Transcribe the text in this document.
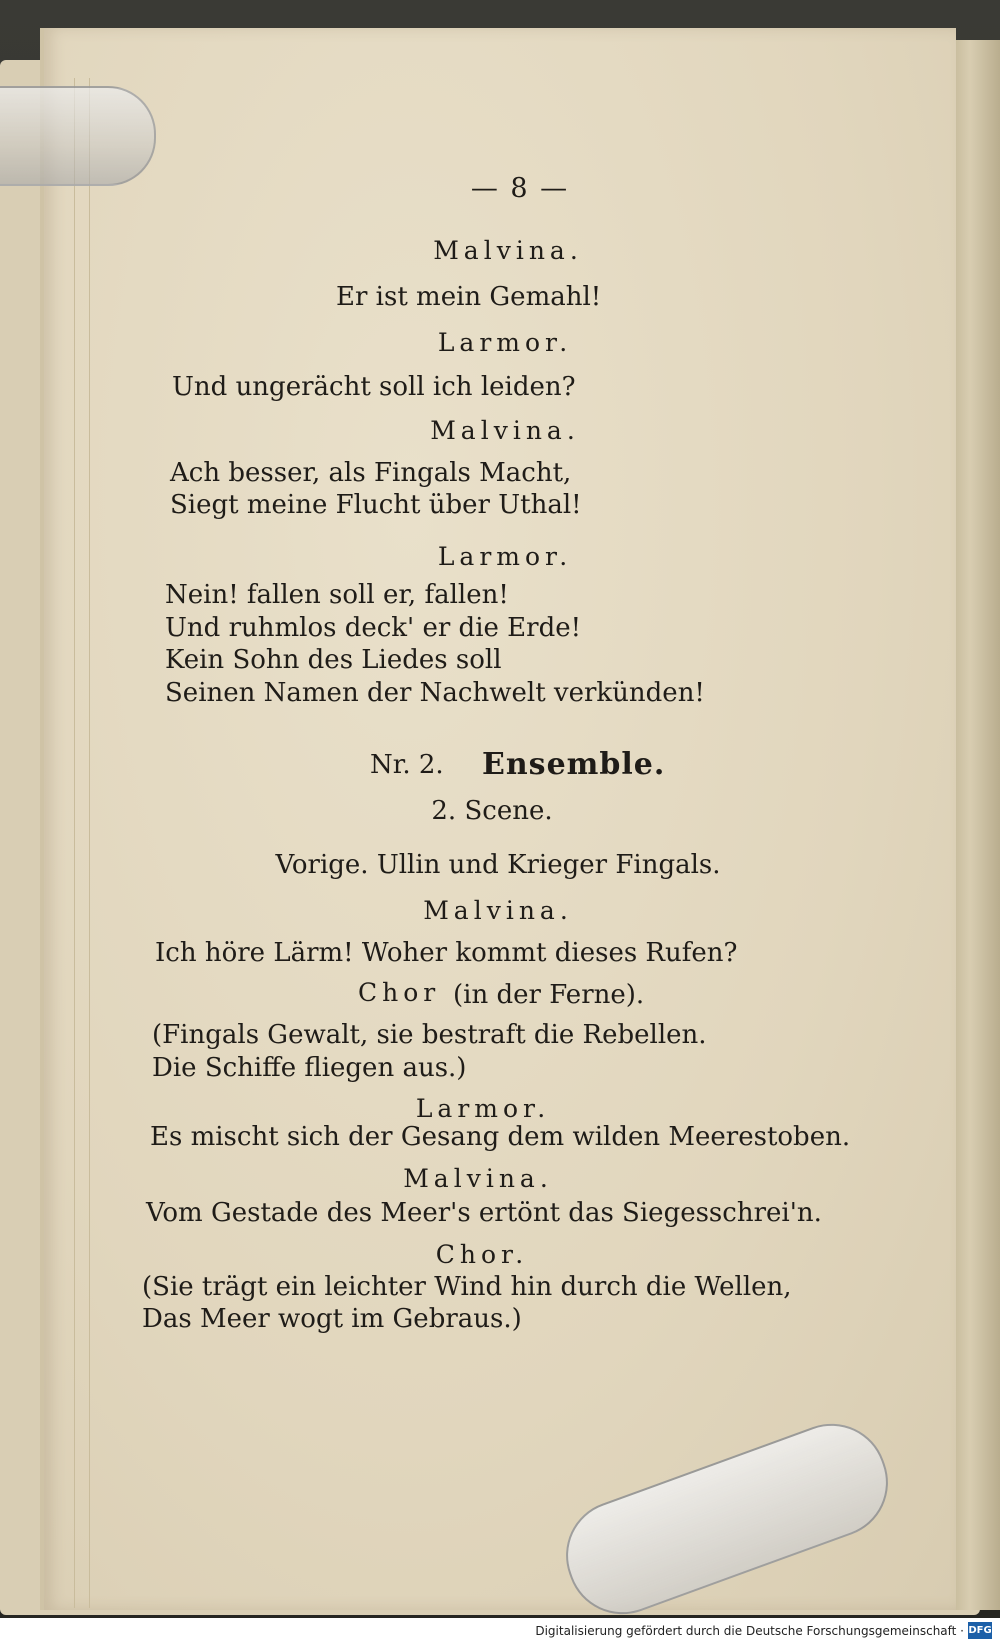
— 8 —
Malvina.
Er ist mein Gemahl!
Larmor.
Und ungerächt soll ich leiden?
Malvina.
Ach besser, als Fingals Macht,
Siegt meine Flucht über Uthal!
Larmor.
Nein! fallen soll er, fallen!
Und ruhmlos deck' er die Erde!
Kein Sohn des Liedes soll
Seinen Namen der Nachwelt verkünden!
Nr. 2. Ensemble.
2. Scene.
Vorige. Ullin und Krieger Fingals.
Malvina.
Ich höre Lärm! Woher kommt dieses Rufen?
Chor (in der Ferne).
(Fingals Gewalt, sie bestraft die Rebellen.
Die Schiffe fliegen aus.)
Larmor.
Es mischt sich der Gesang dem wilden Meerestoben.
Malvina.
Vom Gestade des Meer's ertönt das Siegesschrei'n.
Chor.
(Sie trägt ein leichter Wind hin durch die Wellen,
Das Meer wogt im Gebraus.)
Digitalisierung gefördert durch die Deutsche Forschungsgemeinschaft · DFG
